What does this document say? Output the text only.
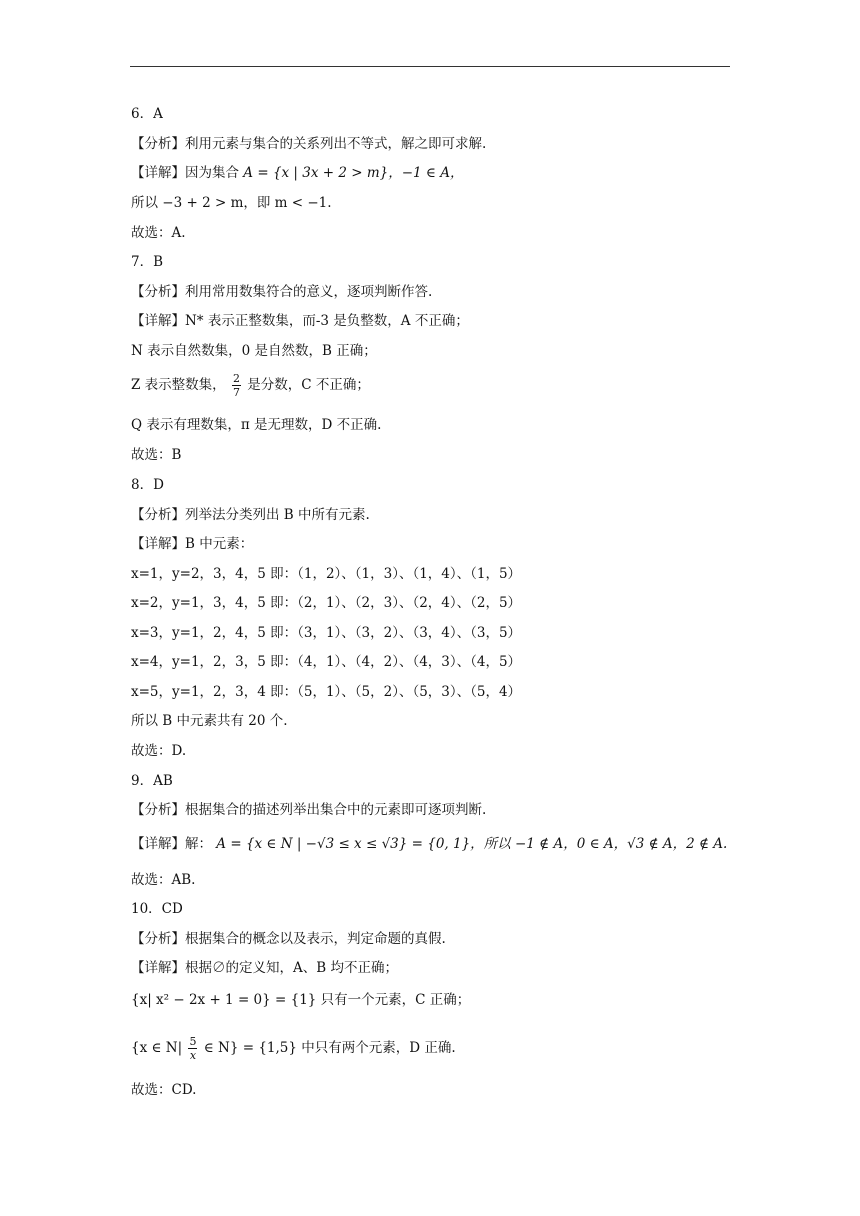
6．A
【分析】利用元素与集合的关系列出不等式，解之即可求解.
【详解】因为集合 A = {x | 3x + 2 > m}，−1 ∈ A，
所以 −3 + 2 > m，即 m < −1.
故选：A.
7．B
【分析】利用常用数集符合的意义，逐项判断作答.
【详解】N* 表示正整数集，而-3 是负整数，A 不正确；
N 表示自然数集，0 是自然数，B 正确；
Z 表示整数集， $\frac{2}{7}$ 是分数，C 不正确；
Q 表示有理数集，π 是无理数，D 不正确.
故选：B
8．D
【分析】列举法分类列出 B 中所有元素.
【详解】B 中元素：
x=1，y=2，3，4，5 即：（1，2）、（1，3）、（1，4）、（1，5）
x=2，y=1，3，4，5 即：（2，1）、（2，3）、（2，4）、（2，5）
x=3，y=1，2，4，5 即：（3，1）、（3，2）、（3，4）、（3，5）
x=4，y=1，2，3，5 即：（4，1）、（4，2）、（4，3）、（4，5）
x=5，y=1，2，3，4 即：（5，1）、（5，2）、（5，3）、（5，4）
所以 B 中元素共有 20 个.
故选：D.
9．AB
【分析】根据集合的描述列举出集合中的元素即可逐项判断.
【详解】解： A = {x ∈ N | −√3 ≤ x ≤ √3} = {0, 1}，所以 −1 ∉ A，0 ∈ A，√3 ∉ A，2 ∉ A.
故选：AB.
10．CD
【分析】根据集合的概念以及表示，判定命题的真假.
【详解】根据∅的定义知，A、B 均不正确；
{x| x² − 2x + 1 = 0} = {1} 只有一个元素，C 正确；
{x ∈ $N| \frac{5}{x}$ ∈ N} = {1,5} 中只有两个元素，D 正确.
故选：CD.
